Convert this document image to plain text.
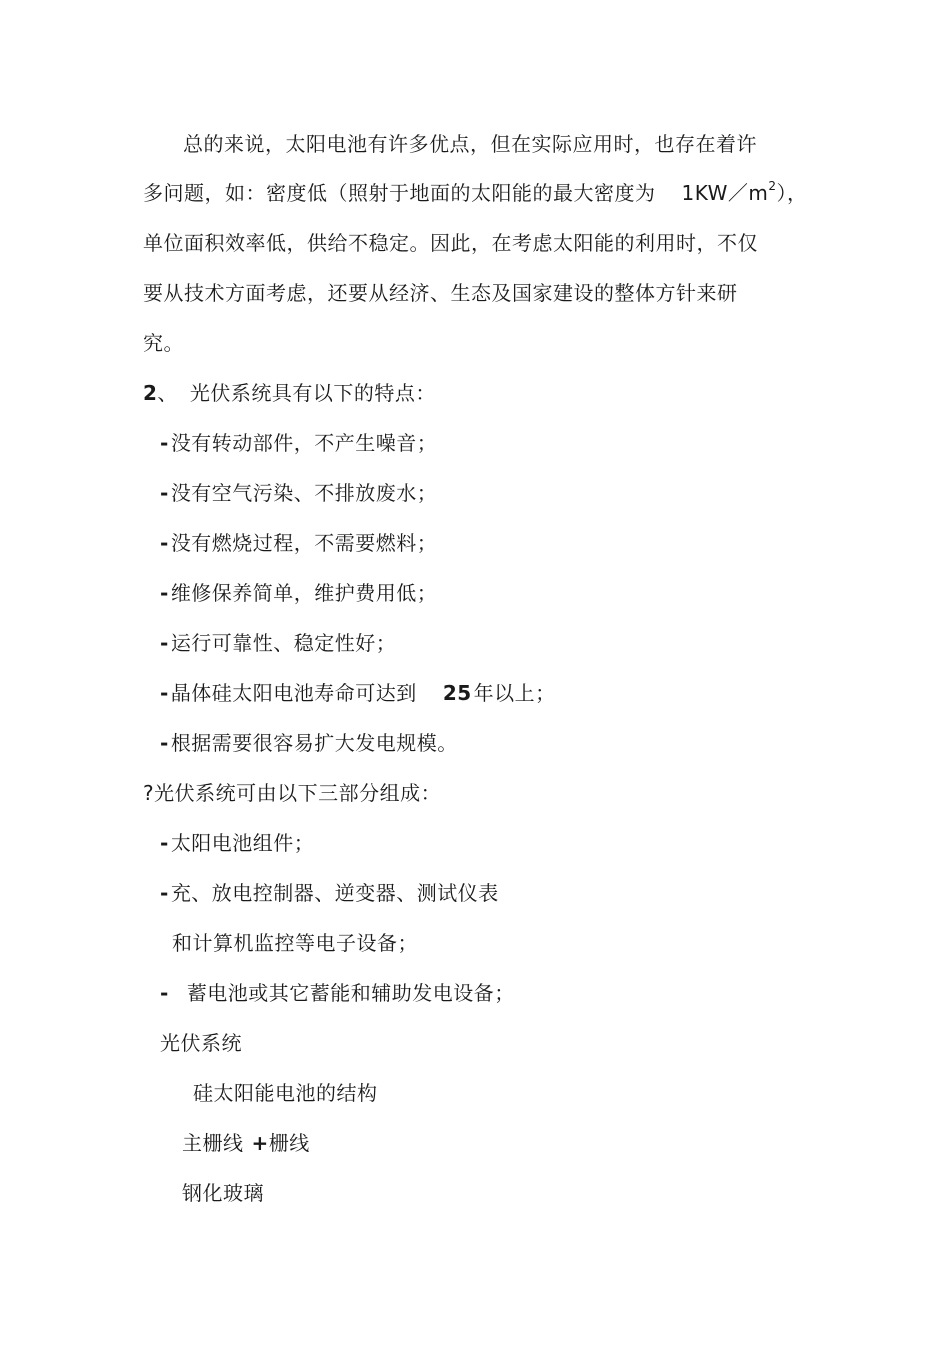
总的来说，太阳电池有许多优点，但在实际应用时，也存在着许
多问题，如：密度低（照射于地面的太阳能的最大密度为 $1KW/m^2$），
单位面积效率低，供给不稳定。因此，在考虑太阳能的利用时，不仅
要从技术方面考虑，还要从经济、生态及国家建设的整体方针来研
究。
2、 光伏系统具有以下的特点：
- 没有转动部件，不产生噪音；
- 没有空气污染、不排放废水；
- 没有燃烧过程，不需要燃料；
- 维修保养简单，维护费用低；
- 运行可靠性、稳定性好；
- 晶体硅太阳电池寿命可达到 25 年以上；
- 根据需要很容易扩大发电规模。
?光伏系统可由以下三部分组成：
- 太阳电池组件；
- 充、放电控制器、逆变器、测试仪表
和计算机监控等电子设备；
- 蓄电池或其它蓄能和辅助发电设备；
光伏系统
硅太阳能电池的结构
主栅线 +栅线
钢化玻璃
